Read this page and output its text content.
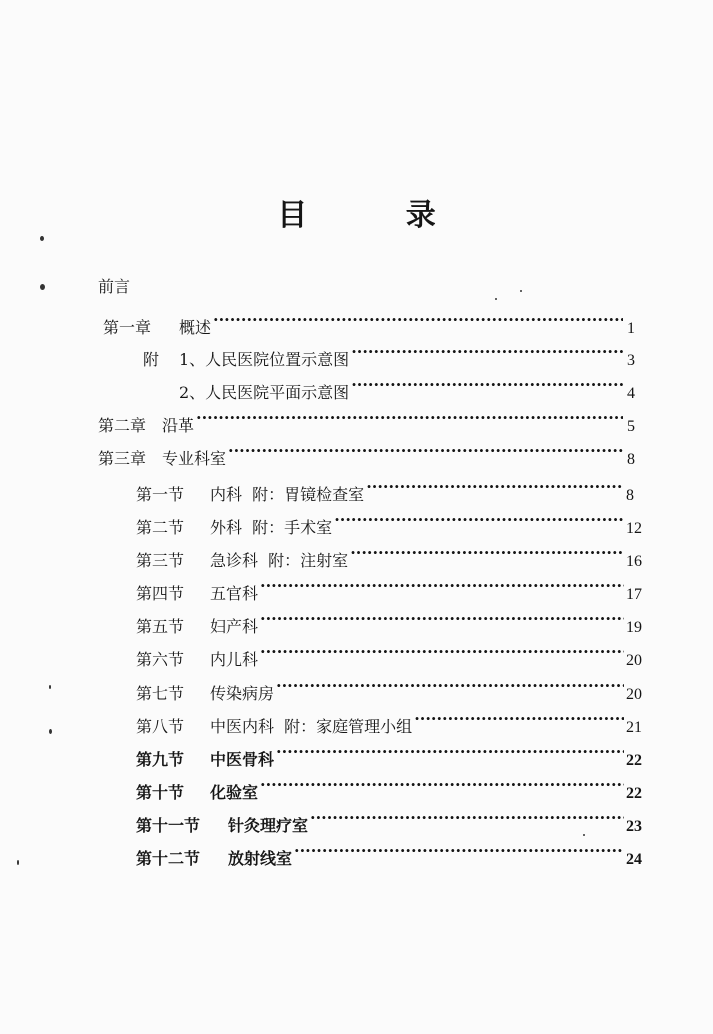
目 录
前言
第一章	概述 ·····	1
附	1、人民医院位置示意图 ·····	3
2、人民医院平面示意图 ·····	4
第二章 沿革 ·····	5
第三章 专业科室 ·····	8
第一节	内科  附：胃镜检查室 ·····	8
第二节	外科  附：手术室 ·····	12
第三节	急诊科  附：注射室 ·····	16
第四节	五官科 ·····	17
第五节	妇产科 ·····	19
第六节	内儿科 ·····	20
第七节	传染病房 ·····	20
第八节	中医内科  附：家庭管理小组 ·····	21
第九节	中医骨科 ·····	22
第十节	化验室 ·····	22
第十一节	针灸理疗室 ·····	23
第十二节	放射线室 ·····	24
